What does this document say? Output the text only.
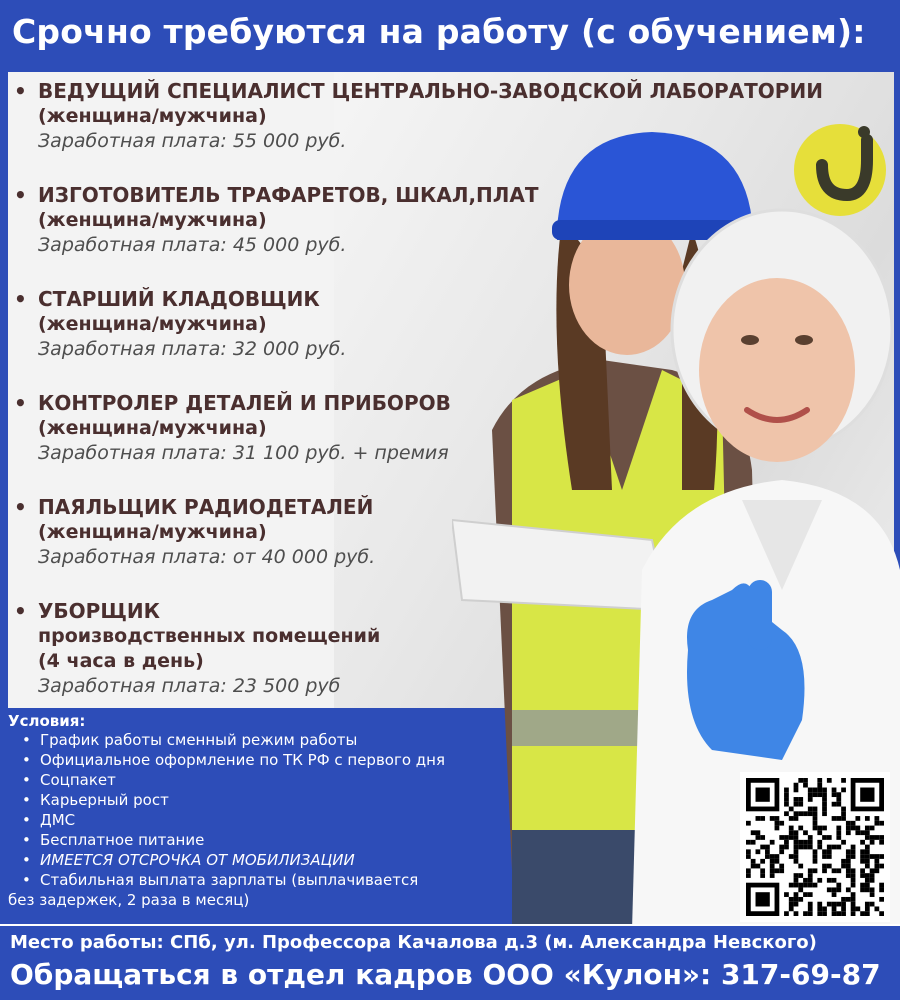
Срочно требуются на работу (с обучением):
• ВЕДУЩИЙ СПЕЦИАЛИСТ ЦЕНТРАЛЬНО-ЗАВОДСКОЙ ЛАБОРАТОРИИ
(женщина/мужчина)
Заработная плата: 55 000 руб.
• ИЗГОТОВИТЕЛЬ ТРАФАРЕТОВ, ШКАЛ,ПЛАТ
(женщина/мужчина)
Заработная плата: 45 000 руб.
• СТАРШИЙ КЛАДОВЩИК
(женщина/мужчина)
Заработная плата: 32 000 руб.
• КОНТРОЛЕР ДЕТАЛЕЙ И ПРИБОРОВ
(женщина/мужчина)
Заработная плата: 31 100 руб. + премия
• ПАЯЛЬЩИК РАДИОДЕТАЛЕЙ
(женщина/мужчина)
Заработная плата: от 40 000 руб.
• УБОРЩИК
производственных помещений
(4 часа в день)
Заработная плата: 23 500 руб
Условия:
• График работы сменный режим работы
• Официальное оформление по ТК РФ с первого дня
• Соцпакет
• Карьерный рост
• ДМС
• Бесплатное питание
• ИМЕЕТСЯ ОТСРОЧКА ОТ МОБИЛИЗАЦИИ
• Стабильная выплата зарплаты (выплачивается
без задержек, 2 раза в месяц)
Место работы: СПб, ул. Профессора Качалова д.3 (м. Александра Невского)
Обращаться в отдел кадров ООО «Кулон»: 317-69-87
